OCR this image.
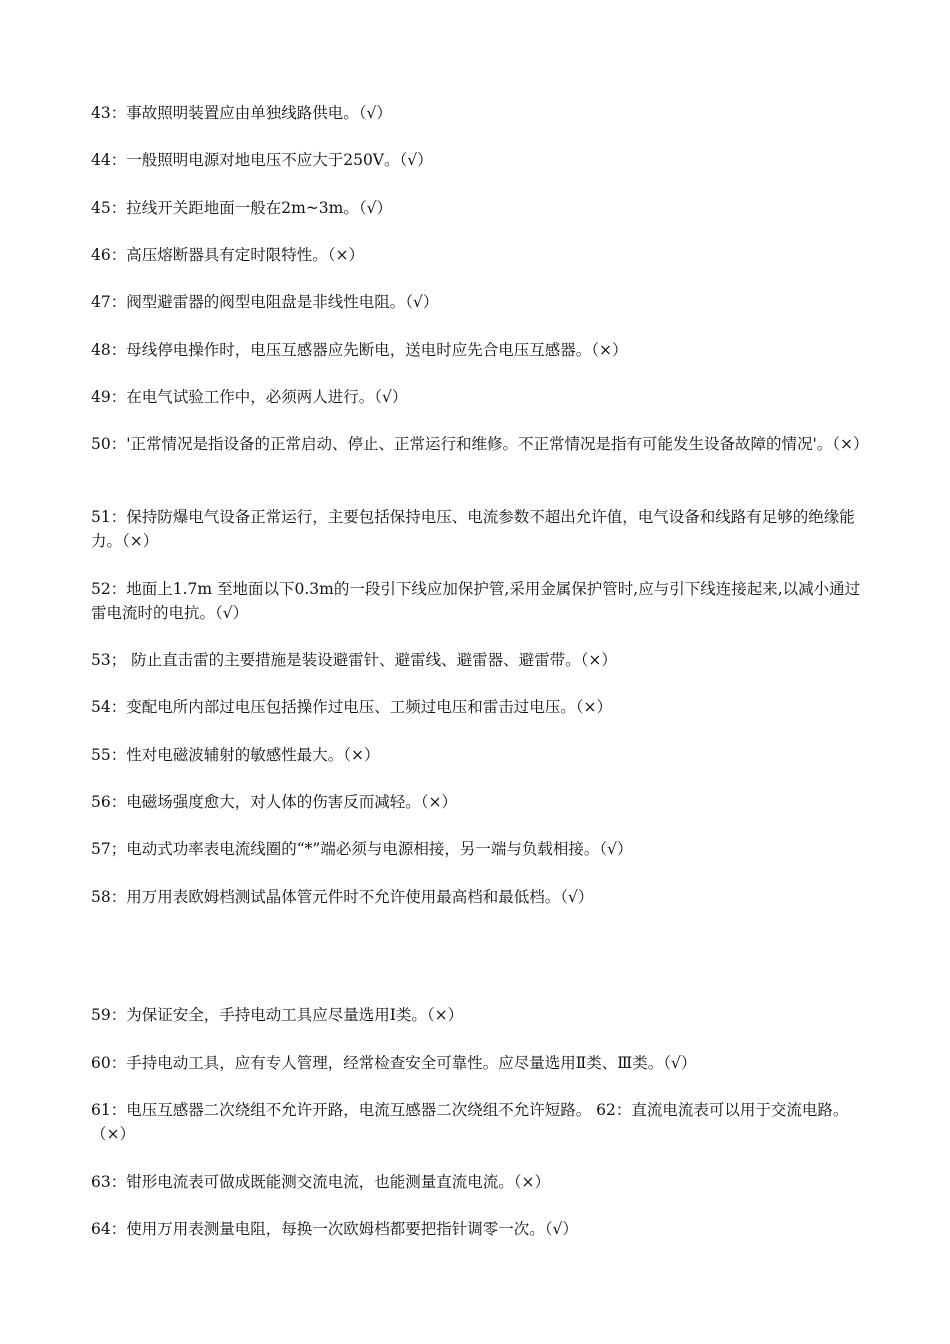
43：事故照明装置应由单独线路供电。（√）

44：一般照明电源对地电压不应大于250V。（√）

45：拉线开关距地面一般在2m~3m。（√）

46：高压熔断器具有定时限特性。（×）

47：阀型避雷器的阀型电阻盘是非线性电阻。（√）

48：母线停电操作时，电压互感器应先断电，送电时应先合电压互感器。（×）

49：在电气试验工作中，必须两人进行。（√）

50：'正常情况是指设备的正常启动、停止、正常运行和维修。不正常情况是指有可能发生设备故障的情况'。（×）

51：保持防爆电气设备正常运行，主要包括保持电压、电流参数不超出允许值，电气设备和线路有足够的绝缘能力。（×）

52：地面上1.7m 至地面以下0.3m的一段引下线应加保护管,采用金属保护管时,应与引下线连接起来,以减小通过雷电流时的电抗。（√）

53； 防止直击雷的主要措施是装设避雷针、避雷线、避雷器、避雷带。（×）

54：变配电所内部过电压包括操作过电压、工频过电压和雷击过电压。（×）

55：性对电磁波辅射的敏感性最大。（×）

56：电磁场强度愈大，对人体的伤害反而减轻。（×）

57；电动式功率表电流线圈的“*”端必须与电源相接，另一端与负载相接。（√）

58：用万用表欧姆档测试晶体管元件时不允许使用最高档和最低档。（√）

59：为保证安全，手持电动工具应尽量选用Ⅰ类。（×）

60：手持电动工具，应有专人管理，经常检查安全可靠性。应尽量选用Ⅱ类、Ⅲ类。（√）

61：电压互感器二次绕组不允许开路，电流互感器二次绕组不允许短路。 62：直流电流表可以用于交流电路。（×）

63：钳形电流表可做成既能测交流电流，也能测量直流电流。（×）

64：使用万用表测量电阻，每换一次欧姆档都要把指针调零一次。（√）
